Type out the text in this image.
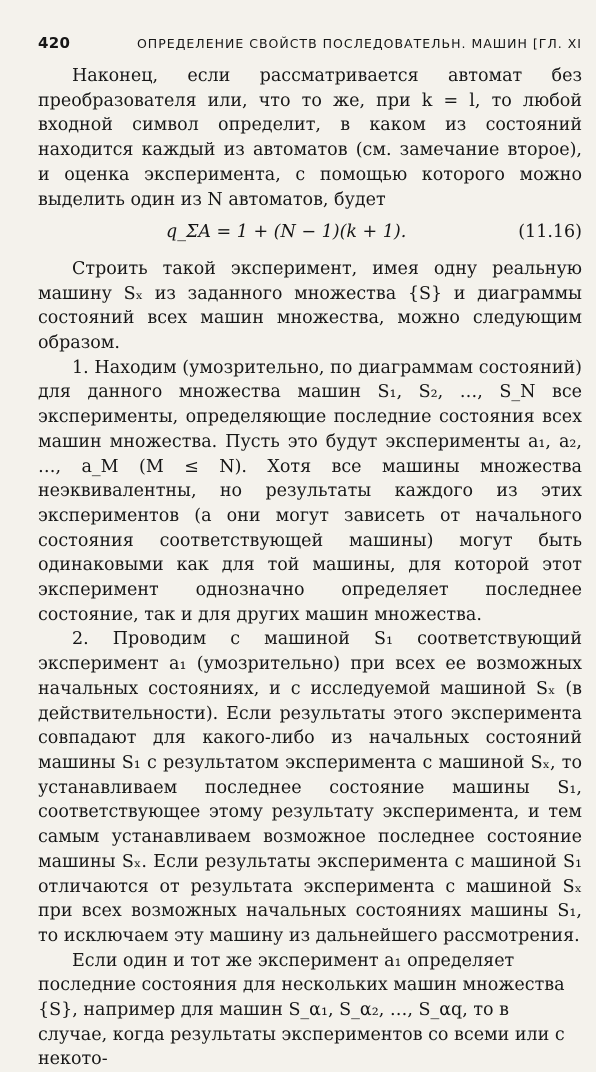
420	ОПРЕДЕЛЕНИЕ СВОЙСТВ ПОСЛЕДОВАТЕЛЬН. МАШИН [ГЛ. XI

Наконец, если рассматривается автомат без преобразователя или, что то же, при k = l, то любой входной символ определит, в каком из состояний находится каждый из автоматов (см. замечание второе), и оценка эксперимента, с помощью которого можно выделить один из N автоматов, будет

q_ΣA = 1 + (N − 1)(k + 1).	(11.16)

Строить такой эксперимент, имея одну реальную машину Sₓ из заданного множества {S} и диаграммы состояний всех машин множества, можно следующим образом.

1. Находим (умозрительно, по диаграммам состояний) для данного множества машин S₁, S₂, …, S_N все эксперименты, определяющие последние состояния всех машин множества. Пусть это будут эксперименты a₁, a₂, …, a_M (M ≤ N). Хотя все машины множества неэквивалентны, но результаты каждого из этих экспериментов (а они могут зависеть от начального состояния соответствующей машины) могут быть одинаковыми как для той машины, для которой этот эксперимент однозначно определяет последнее состояние, так и для других машин множества.

2. Проводим с машиной S₁ соответствующий эксперимент a₁ (умозрительно) при всех ее возможных начальных состояниях, и с исследуемой машиной Sₓ (в действительности). Если результаты этого эксперимента совпадают для какого-либо из начальных состояний машины S₁ с результатом эксперимента с машиной Sₓ, то устанавливаем последнее состояние машины S₁, соответствующее этому результату эксперимента, и тем самым устанавливаем возможное последнее состояние машины Sₓ. Если результаты эксперимента с машиной S₁ отличаются от результата эксперимента с машиной Sₓ при всех возможных начальных состояниях машины S₁, то исключаем эту машину из дальнейшего рассмотрения.

Если один и тот же эксперимент a₁ определяет последние состояния для нескольких машин множества {S}, например для машин S_α₁, S_α₂, …, S_αq, то в случае, когда результаты экспериментов со всеми или с некото-
